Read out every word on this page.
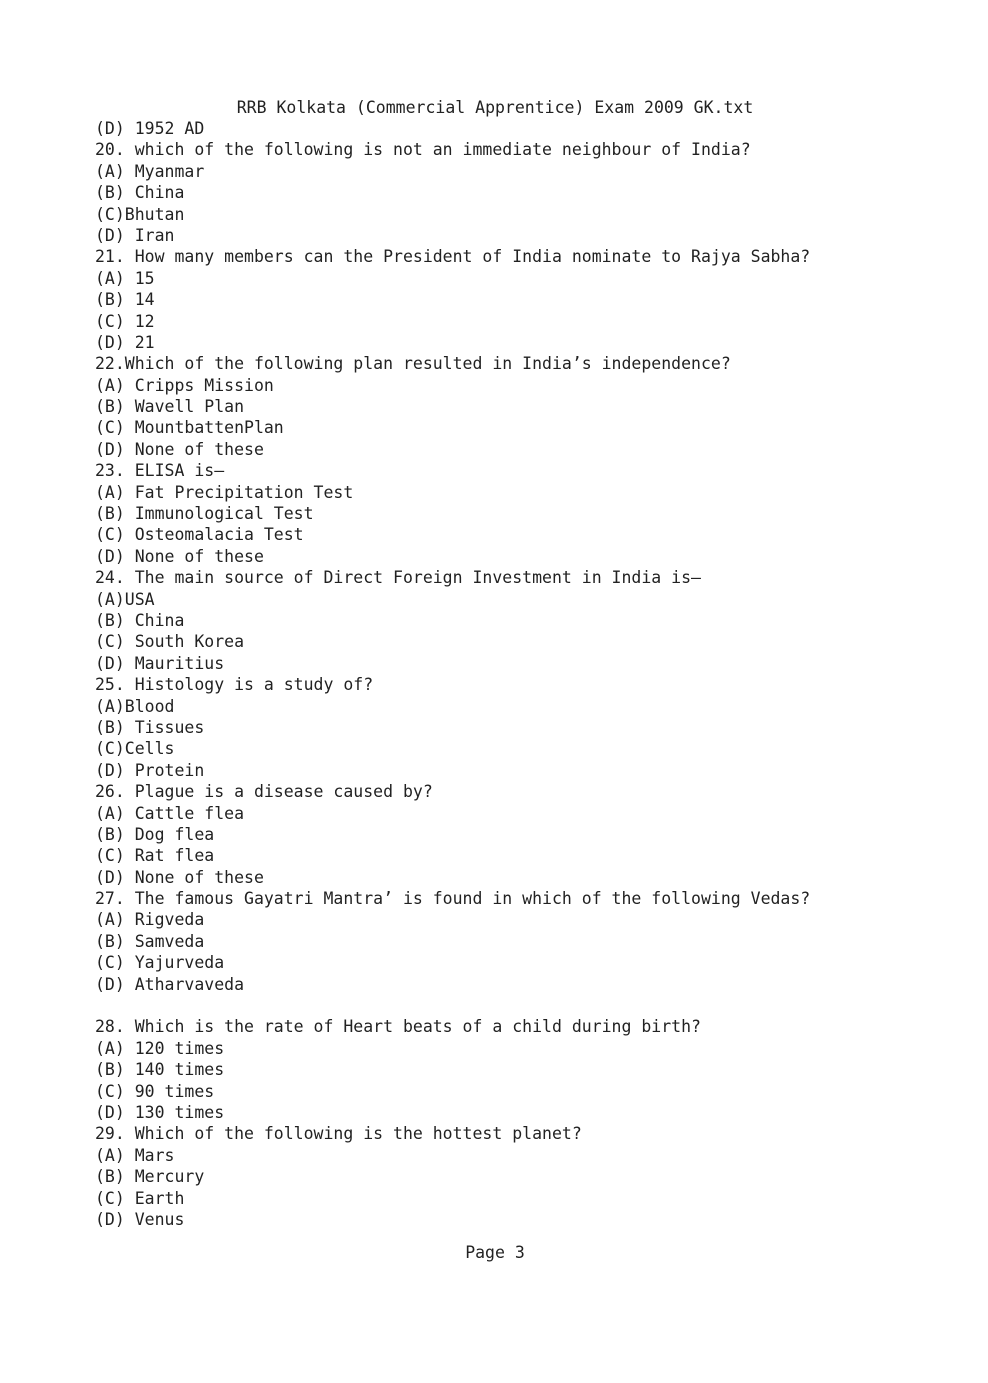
RRB Kolkata (Commercial Apprentice) Exam 2009 GK.txt
(D) 1952 AD
20. which of the following is not an immediate neighbour of India?
(A) Myanmar
(B) China
(C)Bhutan
(D) Iran
21. How many members can the President of India nominate to Rajya Sabha?
(A) 15
(B) 14
(C) 12
(D) 21
22.Which of the following plan resulted in India’s independence?
(A) Cripps Mission
(B) Wavell Plan
(C) MountbattenPlan
(D) None of these
23. ELISA is—
(A) Fat Precipitation Test
(B) Immunological Test
(C) Osteomalacia Test
(D) None of these
24. The main source of Direct Foreign Investment in India is—
(A)USA
(B) China
(C) South Korea
(D) Mauritius
25. Histology is a study of?
(A)Blood
(B) Tissues
(C)Cells
(D) Protein
26. Plague is a disease caused by?
(A) Cattle flea
(B) Dog flea
(C) Rat flea
(D) None of these
27. The famous Gayatri Mantra’ is found in which of the following Vedas?
(A) Rigveda
(B) Samveda
(C) Yajurveda
(D) Atharvaveda
28. Which is the rate of Heart beats of a child during birth?
(A) 120 times
(B) 140 times
(C) 90 times
(D) 130 times
29. Which of the following is the hottest planet?
(A) Mars
(B) Mercury
(C) Earth
(D) Venus
Page 3
